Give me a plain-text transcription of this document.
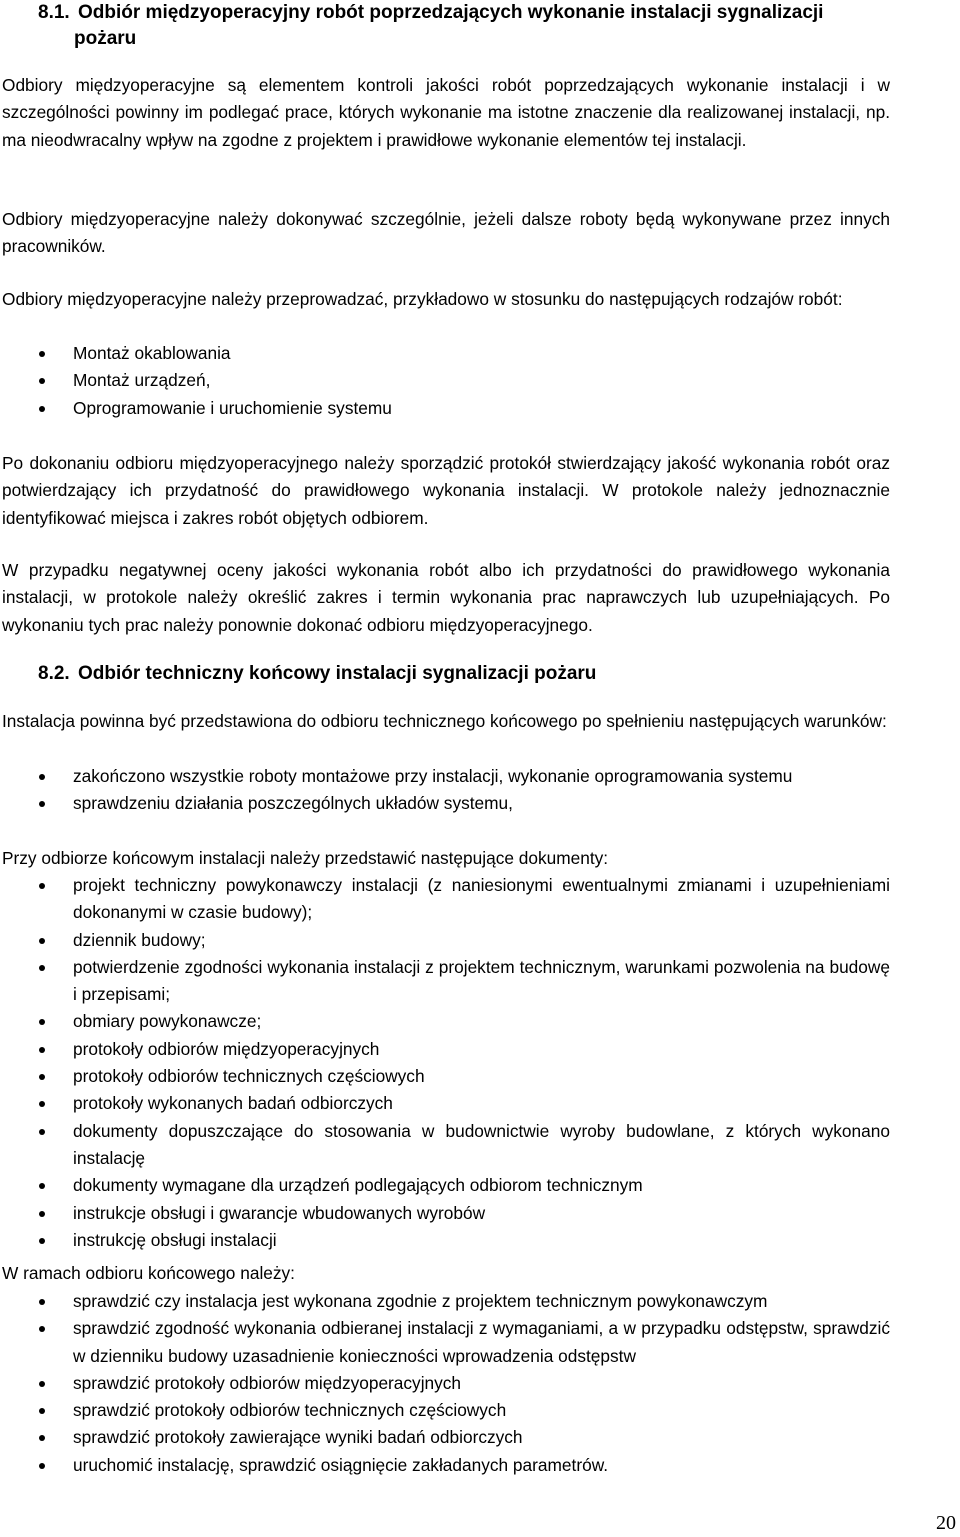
8.1. Odbiór międzyoperacyjny robót poprzedzających wykonanie instalacji sygnalizacji
pożaru

Odbiory międzyoperacyjne są elementem kontroli jakości robót poprzedzających wykonanie instalacji i w szczególności powinny im podlegać prace, których wykonanie ma istotne znaczenie dla realizowanej instalacji, np. ma nieodwracalny wpływ na zgodne z projektem i prawidłowe wykonanie elementów tej instalacji.

Odbiory międzyoperacyjne należy dokonywać szczególnie, jeżeli dalsze roboty będą wykonywane przez innych pracowników.

Odbiory międzyoperacyjne należy przeprowadzać, przykładowo w stosunku do następujących rodzajów robót:

Montaż okablowania
Montaż urządzeń,
Oprogramowanie i uruchomienie systemu

Po dokonaniu odbioru międzyoperacyjnego należy sporządzić protokół stwierdzający jakość wykonania robót oraz potwierdzający ich przydatność do prawidłowego wykonania instalacji. W protokole należy jednoznacznie identyfikować miejsca i zakres robót objętych odbiorem.

W przypadku negatywnej oceny jakości wykonania robót albo ich przydatności do prawidłowego wykonania instalacji, w protokole należy określić zakres i termin wykonania prac naprawczych lub uzupełniających. Po wykonaniu tych prac należy ponownie dokonać odbioru międzyoperacyjnego.

8.2. Odbiór techniczny końcowy instalacji sygnalizacji pożaru

Instalacja powinna być przedstawiona do odbioru technicznego końcowego po spełnieniu następujących warunków:

zakończono wszystkie roboty montażowe przy instalacji, wykonanie oprogramowania systemu
sprawdzeniu działania poszczególnych układów systemu,

Przy odbiorze końcowym instalacji należy przedstawić następujące dokumenty:

projekt techniczny powykonawczy instalacji (z naniesionymi ewentualnymi zmianami i uzupełnieniami dokonanymi w czasie budowy);
dziennik budowy;
potwierdzenie zgodności wykonania instalacji z projektem technicznym, warunkami pozwolenia na budowę i przepisami;
obmiary powykonawcze;
protokoły odbiorów międzyoperacyjnych
protokoły odbiorów technicznych częściowych
protokoły wykonanych badań odbiorczych
dokumenty dopuszczające do stosowania w budownictwie wyroby budowlane, z których wykonano instalację
dokumenty wymagane dla urządzeń podlegających odbiorom technicznym
instrukcje obsługi i gwarancje wbudowanych wyrobów
instrukcję obsługi instalacji

W ramach odbioru końcowego należy:

sprawdzić czy instalacja jest wykonana zgodnie z projektem technicznym powykonawczym
sprawdzić zgodność wykonania odbieranej instalacji z wymaganiami, a w przypadku odstępstw, sprawdzić w dzienniku budowy uzasadnienie konieczności wprowadzenia odstępstw
sprawdzić protokoły odbiorów międzyoperacyjnych
sprawdzić protokoły odbiorów technicznych częściowych
sprawdzić protokoły zawierające wyniki badań odbiorczych
uruchomić instalację, sprawdzić osiągnięcie zakładanych parametrów.
20
